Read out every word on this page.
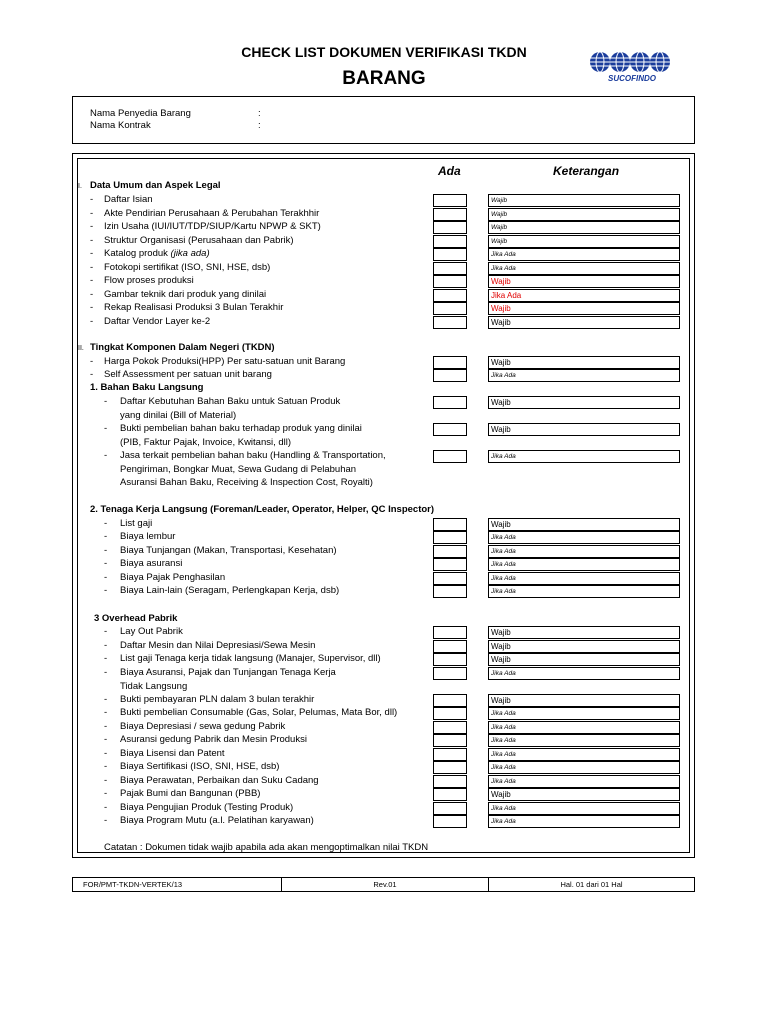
CHECK LIST DOKUMEN VERIFIKASI TKDN
BARANG	SUCOFINDO
Nama Penyedia Barang	:
Nama Kontrak	:
Ada	Keterangan
I. Data Umum dan Aspek Legal
- Daftar Isian	Wajib
- Akte Pendirian Perusahaan & Perubahan Terakhhir	Wajib
- Izin Usaha (IUI/IUT/TDP/SIUP/Kartu NPWP & SKT)	Wajib
- Struktur Organisasi (Perusahaan dan Pabrik)	Wajib
- Katalog produk (jika ada)	Jika Ada
- Fotokopi sertifikat (ISO, SNI, HSE, dsb)	Jika Ada
- Flow proses produksi	Wajib
- Gambar teknik dari produk yang dinilai	Jika Ada
- Rekap Realisasi Produksi 3 Bulan Terakhir	Wajib
- Daftar Vendor Layer ke-2	Wajib
II. Tingkat Komponen Dalam Negeri (TKDN)
- Harga Pokok Produksi(HPP) Per satu-satuan unit Barang	Wajib
- Self Assessment per satuan unit barang	Jika Ada
1. Bahan Baku Langsung
- Daftar Kebutuhan Bahan Baku untuk Satuan Produk
yang dinilai (Bill of Material)
Wajib
- Bukti pembelian bahan baku terhadap produk yang dinilai
(PIB, Faktur Pajak, Invoice, Kwitansi, dll)
Wajib
- Jasa terkait pembelian bahan baku (Handling & Transportation,
Pengiriman, Bongkar Muat, Sewa Gudang di Pelabuhan
Asuransi Bahan Baku, Receiving & Inspection Cost, Royalti)
Jika Ada
2. Tenaga Kerja Langsung (Foreman/Leader, Operator, Helper, QC Inspector)
- List gaji	Wajib
- Biaya lembur	Jika Ada
- Biaya Tunjangan (Makan, Transportasi, Kesehatan)	Jika Ada
- Biaya asuransi	Jika Ada
- Biaya Pajak Penghasilan	Jika Ada
- Biaya Lain-lain (Seragam, Perlengkapan Kerja, dsb)	Jika Ada
3 Overhead Pabrik
- Lay Out Pabrik	Wajib
- Daftar Mesin dan Nilai Depresiasi/Sewa Mesin	Wajib
- List gaji Tenaga kerja tidak langsung (Manajer, Supervisor, dll)	Wajib
- Biaya Asuransi, Pajak dan Tunjangan Tenaga Kerja
Tidak Langsung
Jika Ada
- Bukti pembayaran PLN dalam 3 bulan terakhir	Wajib
- Bukti pembelian Consumable (Gas, Solar, Pelumas, Mata Bor, dll)	Jika Ada
- Biaya Depresiasi / sewa gedung Pabrik	Jika Ada
- Asuransi gedung Pabrik dan Mesin Produksi	Jika Ada
- Biaya Lisensi dan Patent	Jika Ada
- Biaya Sertifikasi (ISO, SNI, HSE, dsb)	Jika Ada
- Biaya Perawatan, Perbaikan dan Suku Cadang	Jika Ada
- Pajak Bumi dan Bangunan (PBB)	Wajib
- Biaya Pengujian Produk (Testing Produk)	Jika Ada
- Biaya Program Mutu (a.l. Pelatihan karyawan)	Jika Ada
Catatan : Dokumen tidak wajib apabila ada akan mengoptimalkan nilai TKDN
FOR/PMT-TKDN-VERTEK/13	Rev.01	Hal. 01 dari 01 Hal
